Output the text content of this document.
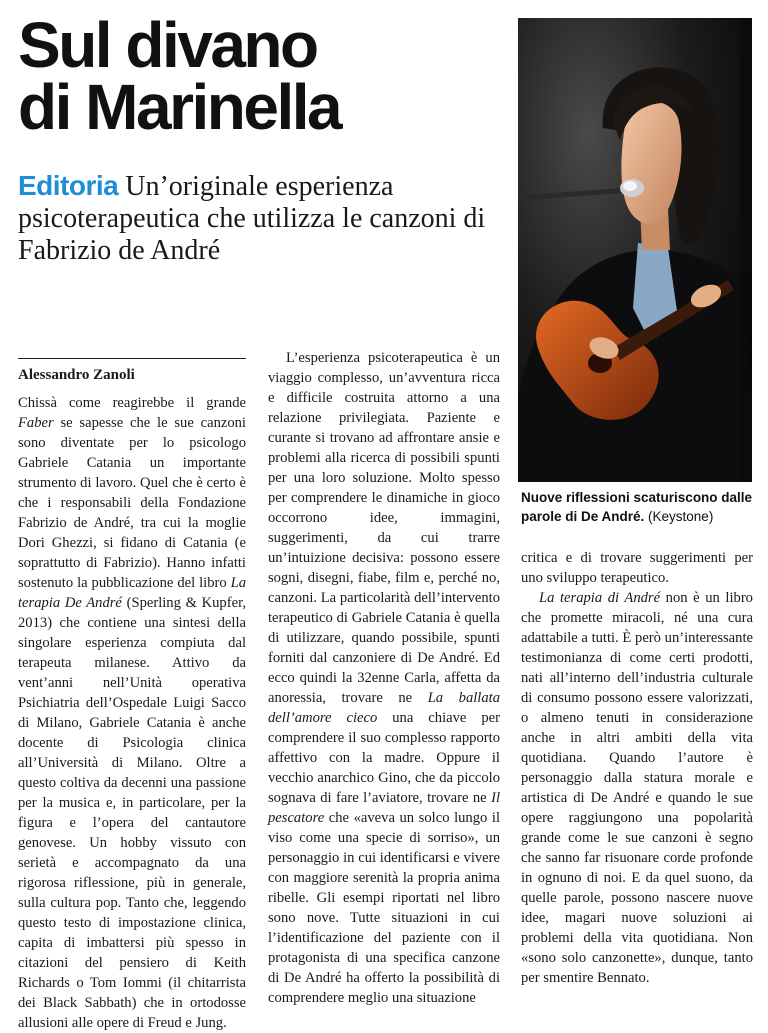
Sul divano
di Marinella
Editoria Un’originale esperienza psicoterapeutica che utilizza le canzoni di Fabrizio de André
Nuove riflessioni scaturiscono dalle parole di De André. (Keystone)
Alessandro Zanoli

Chissà come reagirebbe il grande Faber se sapesse che le sue canzoni sono diventate per lo psicologo Gabriele Catania un importante strumento di lavoro. Quel che è certo è che i responsabili della Fondazione Fabrizio de André, tra cui la moglie Dori Ghezzi, si fidano di Catania (e soprattutto di Fabrizio). Hanno infatti sostenuto la pubblicazione del libro La terapia De André (Sperling & Kupfer, 2013) che contiene una sintesi della singolare esperienza compiuta dal terapeuta milanese. Attivo da vent’anni nell’Unità operativa Psichiatria dell’Ospedale Luigi Sacco di Milano, Gabriele Catania è anche docente di Psicologia clinica all’Università di Milano. Oltre a questo coltiva da decenni una passione per la musica e, in particolare, per la figura e l’opera del cantautore genovese. Un hobby vissuto con serietà e accompagnato da una rigorosa riflessione, più in generale, sulla cultura pop. Tanto che, leggendo questo testo di impostazione clinica, capita di imbattersi più spesso in citazioni del pensiero di Keith Richards o Tom Iommi (il chitarrista dei Black Sabbath) che in ortodosse allusioni alle opere di Freud e Jung.

L’esperienza psicoterapeutica è un viaggio complesso, un’avventura ricca e difficile costruita attorno a una relazione privilegiata. Paziente e curante si trovano ad affrontare ansie e problemi alla ricerca di possibili spunti per una loro soluzione. Molto spesso per comprendere le dinamiche in gioco occorrono idee, immagini, suggerimenti, da cui trarre un’intuizione decisiva: possono essere sogni, disegni, fiabe, film e, perché no, canzoni. La particolarità dell’intervento terapeutico di Gabriele Catania è quella di utilizzare, quando possibile, spunti forniti dal canzoniere di De André. Ed ecco quindi la 32enne Carla, affetta da anoressia, trovare ne La ballata dell’amore cieco una chiave per comprendere il suo complesso rapporto affettivo con la madre. Oppure il vecchio anarchico Gino, che da piccolo sognava di fare l’aviatore, trovare ne Il pescatore che «aveva un solco lungo il viso come una specie di sorriso», un personaggio in cui identificarsi e vivere con maggiore serenità la propria anima ribelle. Gli esempi riportati nel libro sono nove. Tutte situazioni in cui l’identificazione del paziente con il protagonista di una specifica canzone di De André ha offerto la possibilità di comprendere meglio una situazione

critica e di trovare suggerimenti per uno sviluppo terapeutico.

La terapia di André non è un libro che promette miracoli, né una cura adattabile a tutti. È però un’interessante testimonianza di come certi prodotti, nati all’interno dell’industria culturale di consumo possono essere valorizzati, o almeno tenuti in considerazione anche in altri ambiti della vita quotidiana. Quando l’autore è personaggio dalla statura morale e artistica di De André e quando le sue opere raggiungono una popolarità grande come le sue canzoni è segno che sanno far risuonare corde profonde in ognuno di noi. E da quel suono, da quelle parole, possono nascere nuove idee, magari nuove soluzioni ai problemi della vita quotidiana. Non «sono solo canzonette», dunque, tanto per smentire Bennato.
